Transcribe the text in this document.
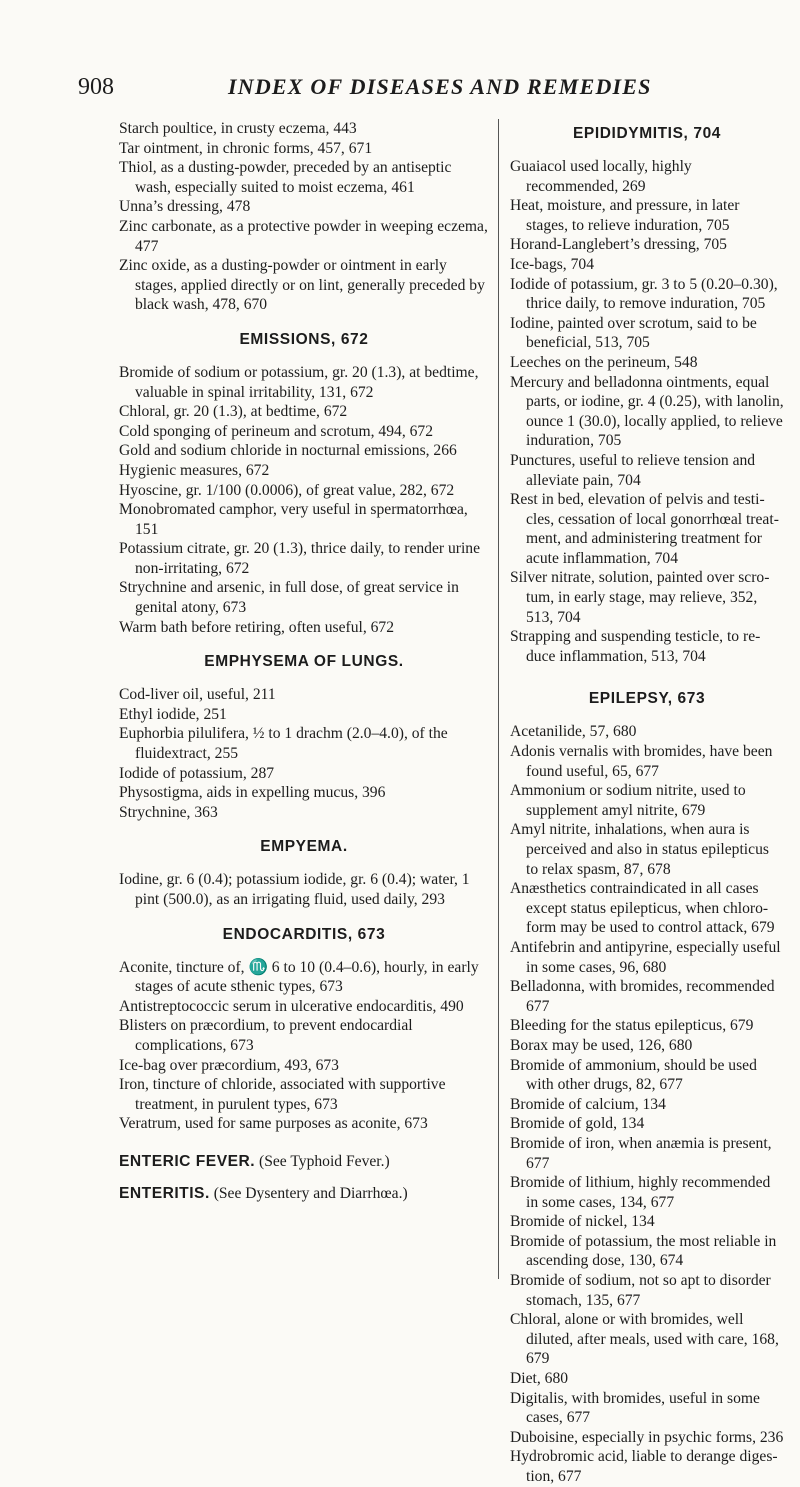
908	INDEX OF DISEASES AND REMEDIES

Starch poultice, in crusty eczema, 443

Tar ointment, in chronic forms, 457, 671

Thiol, as a dusting-powder, preceded by an antiseptic wash, especially suited to moist eczema, 461

Unna’s dressing, 478

Zinc carbonate, as a protective powder in weeping eczema, 477

Zinc oxide, as a dusting-powder or ointment in early stages, applied directly or on lint, generally preceded by black wash, 478, 670

EMISSIONS, 672

Bromide of sodium or potassium, gr. 20 (1.3), at bedtime, valuable in spinal irritability, 131, 672

Chloral, gr. 20 (1.3), at bedtime, 672

Cold sponging of perineum and scrotum, 494, 672

Gold and sodium chloride in nocturnal emissions, 266

Hygienic measures, 672

Hyoscine, gr. 1/100 (0.0006), of great value, 282, 672

Monobromated camphor, very useful in spermatorrhœa, 151

Potassium citrate, gr. 20 (1.3), thrice daily, to render urine non-irritating, 672

Strychnine and arsenic, in full dose, of great service in genital atony, 673

Warm bath before retiring, often useful, 672

EMPHYSEMA OF LUNGS.

Cod-liver oil, useful, 211

Ethyl iodide, 251

Euphorbia pilulifera, ½ to 1 drachm (2.0–4.0), of the fluidextract, 255

Iodide of potassium, 287

Physostigma, aids in expelling mucus, 396

Strychnine, 363

EMPYEMA.

Iodine, gr. 6 (0.4); potassium iodide, gr. 6 (0.4); water, 1 pint (500.0), as an irrigating fluid, used daily, 293

ENDOCARDITIS, 673

Aconite, tincture of, ♏ 6 to 10 (0.4–0.6), hourly, in early stages of acute sthenic types, 673

Antistreptococcic serum in ulcerative endocarditis, 490

Blisters on præcordium, to prevent endocardial complications, 673

Ice-bag over præcordium, 493, 673

Iron, tincture of chloride, associated with supportive treatment, in purulent types, 673

Veratrum, used for same purposes as aconite, 673

ENTERIC FEVER. (See Typhoid Fever.)

ENTERITIS. (See Dysentery and Diarrhœa.)

EPIDIDYMITIS, 704

Guaiacol used locally, highly recommended, 269

Heat, moisture, and pressure, in later stages, to relieve induration, 705

Horand-Langlebert’s dressing, 705

Ice-bags, 704

Iodide of potassium, gr. 3 to 5 (0.20–0.30), thrice daily, to remove induration, 705

Iodine, painted over scrotum, said to be beneficial, 513, 705

Leeches on the perineum, 548

Mercury and belladonna ointments, equal parts, or iodine, gr. 4 (0.25), with lanolin, ounce 1 (30.0), locally applied, to relieve induration, 705

Punctures, useful to relieve tension and alleviate pain, 704

Rest in bed, elevation of pelvis and testicles, cessation of local gonorrhœal treatment, and administering treatment for acute inflammation, 704

Silver nitrate, solution, painted over scrotum, in early stage, may relieve, 352, 513, 704

Strapping and suspending testicle, to reduce inflammation, 513, 704

EPILEPSY, 673

Acetanilide, 57, 680

Adonis vernalis with bromides, have been found useful, 65, 677

Ammonium or sodium nitrite, used to supplement amyl nitrite, 679

Amyl nitrite, inhalations, when aura is perceived and also in status epilepticus to relax spasm, 87, 678

Anæsthetics contraindicated in all cases except status epilepticus, when chloroform may be used to control attack, 679

Antifebrin and antipyrine, especially useful in some cases, 96, 680

Belladonna, with bromides, recommended 677

Bleeding for the status epilepticus, 679

Borax may be used, 126, 680

Bromide of ammonium, should be used with other drugs, 82, 677

Bromide of calcium, 134

Bromide of gold, 134

Bromide of iron, when anæmia is present, 677

Bromide of lithium, highly recommended in some cases, 134, 677

Bromide of nickel, 134

Bromide of potassium, the most reliable in ascending dose, 130, 674

Bromide of sodium, not so apt to disorder stomach, 135, 677

Chloral, alone or with bromides, well diluted, after meals, used with care, 168, 679

Diet, 680

Digitalis, with bromides, useful in some cases, 677

Duboisine, especially in psychic forms, 236

Hydrobromic acid, liable to derange digestion, 677
